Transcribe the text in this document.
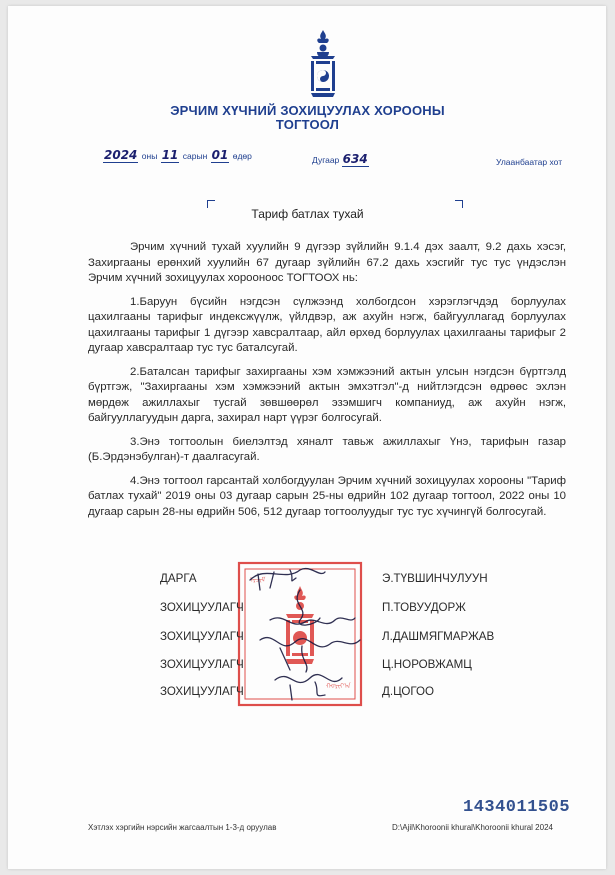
ЭРЧИМ ХҮЧНИЙ ЗОХИЦУУЛАХ ХОРООНЫ
ТОГТООЛ
2024 оны 11 сарын 01 өдөр	Дугаар 634	Улаанбаатар хот
Тариф батлах тухай

Эрчим хүчний тухай хуулийн 9 дүгээр зүйлийн 9.1.4 дэх заалт, 9.2 дахь хэсэг, Захиргааны ерөнхий хуулийн 67 дугаар зүйлийн 67.2 дахь хэсгийг тус тус үндэслэн Эрчим хүчний зохицуулах хорооноос ТОГТООХ нь:

1.Баруун бүсийн нэгдсэн сүлжээнд холбогдсон хэрэглэгчдэд борлуулах цахилгааны тарифыг индексжүүлж, үйлдвэр, аж ахуйн нэгж, байгууллагад борлуулах цахилгааны тарифыг 1 дүгээр хавсралтаар, айл өрхөд борлуулах цахилгааны тарифыг 2 дугаар хавсралтаар тус тус баталсугай.

2.Баталсан тарифыг захиргааны хэм хэмжээний актын улсын нэгдсэн бүртгэлд бүртгэж, "Захиргааны хэм хэмжээний актын эмхэтгэл"-д нийтлэгдсэн өдрөөс эхлэн мөрдөж ажиллахыг тусгай зөвшөөрөл эзэмшигч компаниуд, аж ахуйн нэгж, байгууллагуудын дарга, захирал нарт үүрэг болгосугай.

3.Энэ тогтоолын биелэлтэд хяналт тавьж ажиллахыг Үнэ, тарифын газар (Б.Эрдэнэбулган)-т даалгасугай.

4.Энэ тогтоол гарсантай холбогдуулан Эрчим хүчний зохицуулах хорооны "Тариф батлах тухай" 2019 оны 03 дугаар сарын 25-ны өдрийн 102 дугаар тогтоол, 2022 оны 10 дугаар сарын 28-ны өдрийн 506, 512 дугаар тогтоолуудыг тус тус хүчингүй болгосугай.

ᠡᠷᠴᠢᠮ
ᠬᠣᠷᠢᠶ᠎ᠠ
ДАРГА	Э.ТҮВШИНЧУЛУУН
ЗОХИЦУУЛАГЧ	П.ТОВУУДОРЖ
ЗОХИЦУУЛАГЧ	Л.ДАШМЯГМАРЖАВ
ЗОХИЦУУЛАГЧ	Ц.НОРОВЖАМЦ
ЗОХИЦУУЛАГЧ	Д.ЦОГОО
1434011505
Хэтлэх хэргийн нэрсийн жагсаалтын 1-3-д оруулав	D:\Ajil\Khoroonii khural\Khoroonii khural 2024
